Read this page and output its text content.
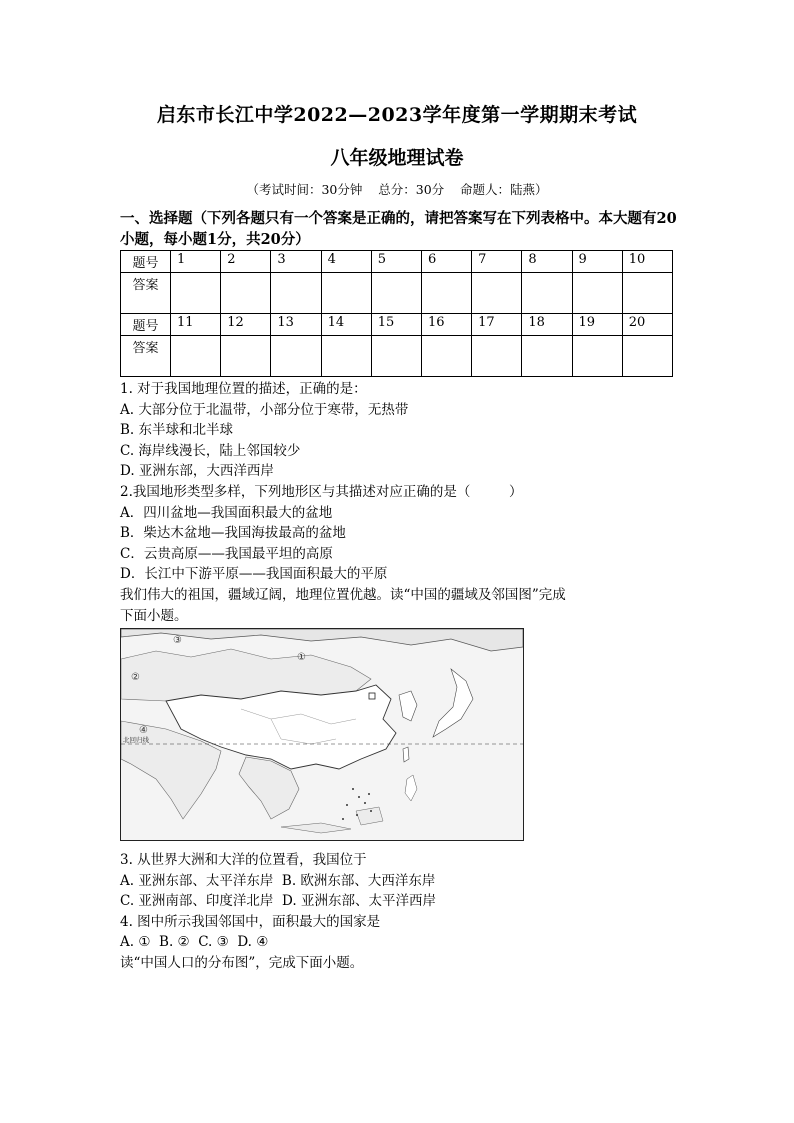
启东市长江中学2022—2023学年度第一学期期末考试
八年级地理试卷
（考试时间：30分钟    总分：30分    命题人：陆燕）
一、选择题（下列各题只有一个答案是正确的，请把答案写在下列表格中。本大题有20小题，每小题1分，共20分）
题号	1	2	3	4	5	6	7	8	9	10
答案										
题号	11	12	13	14	15	16	17	18	19	20
答案										
1. 对于我国地理位置的描述，正确的是：
A. 大部分位于北温带，小部分位于寒带，无热带
B. 东半球和北半球
C. 海岸线漫长，陆上邻国较少
D. 亚洲东部，大西洋西岸
2.我国地形类型多样，下列地形区与其描述对应正确的是（         ）
A．四川盆地—我国面积最大的盆地
B．柴达木盆地—我国海拔最高的盆地
C．云贵高原——我国最平坦的高原
D．长江中下游平原——我国面积最大的平原
我们伟大的祖国，疆域辽阔，地理位置优越。读“中国的疆域及邻国图”完成
下面小题。
③
①
②
④
北回归线
3. 从世界大洲和大洋的位置看，我国位于
A. 亚洲东部、太平洋东岸  B. 欧洲东部、大西洋东岸
C. 亚洲南部、印度洋北岸  D. 亚洲东部、太平洋西岸
4. 图中所示我国邻国中，面积最大的国家是
A. ①  B. ②  C. ③  D. ④
读“中国人口的分布图”，完成下面小题。
